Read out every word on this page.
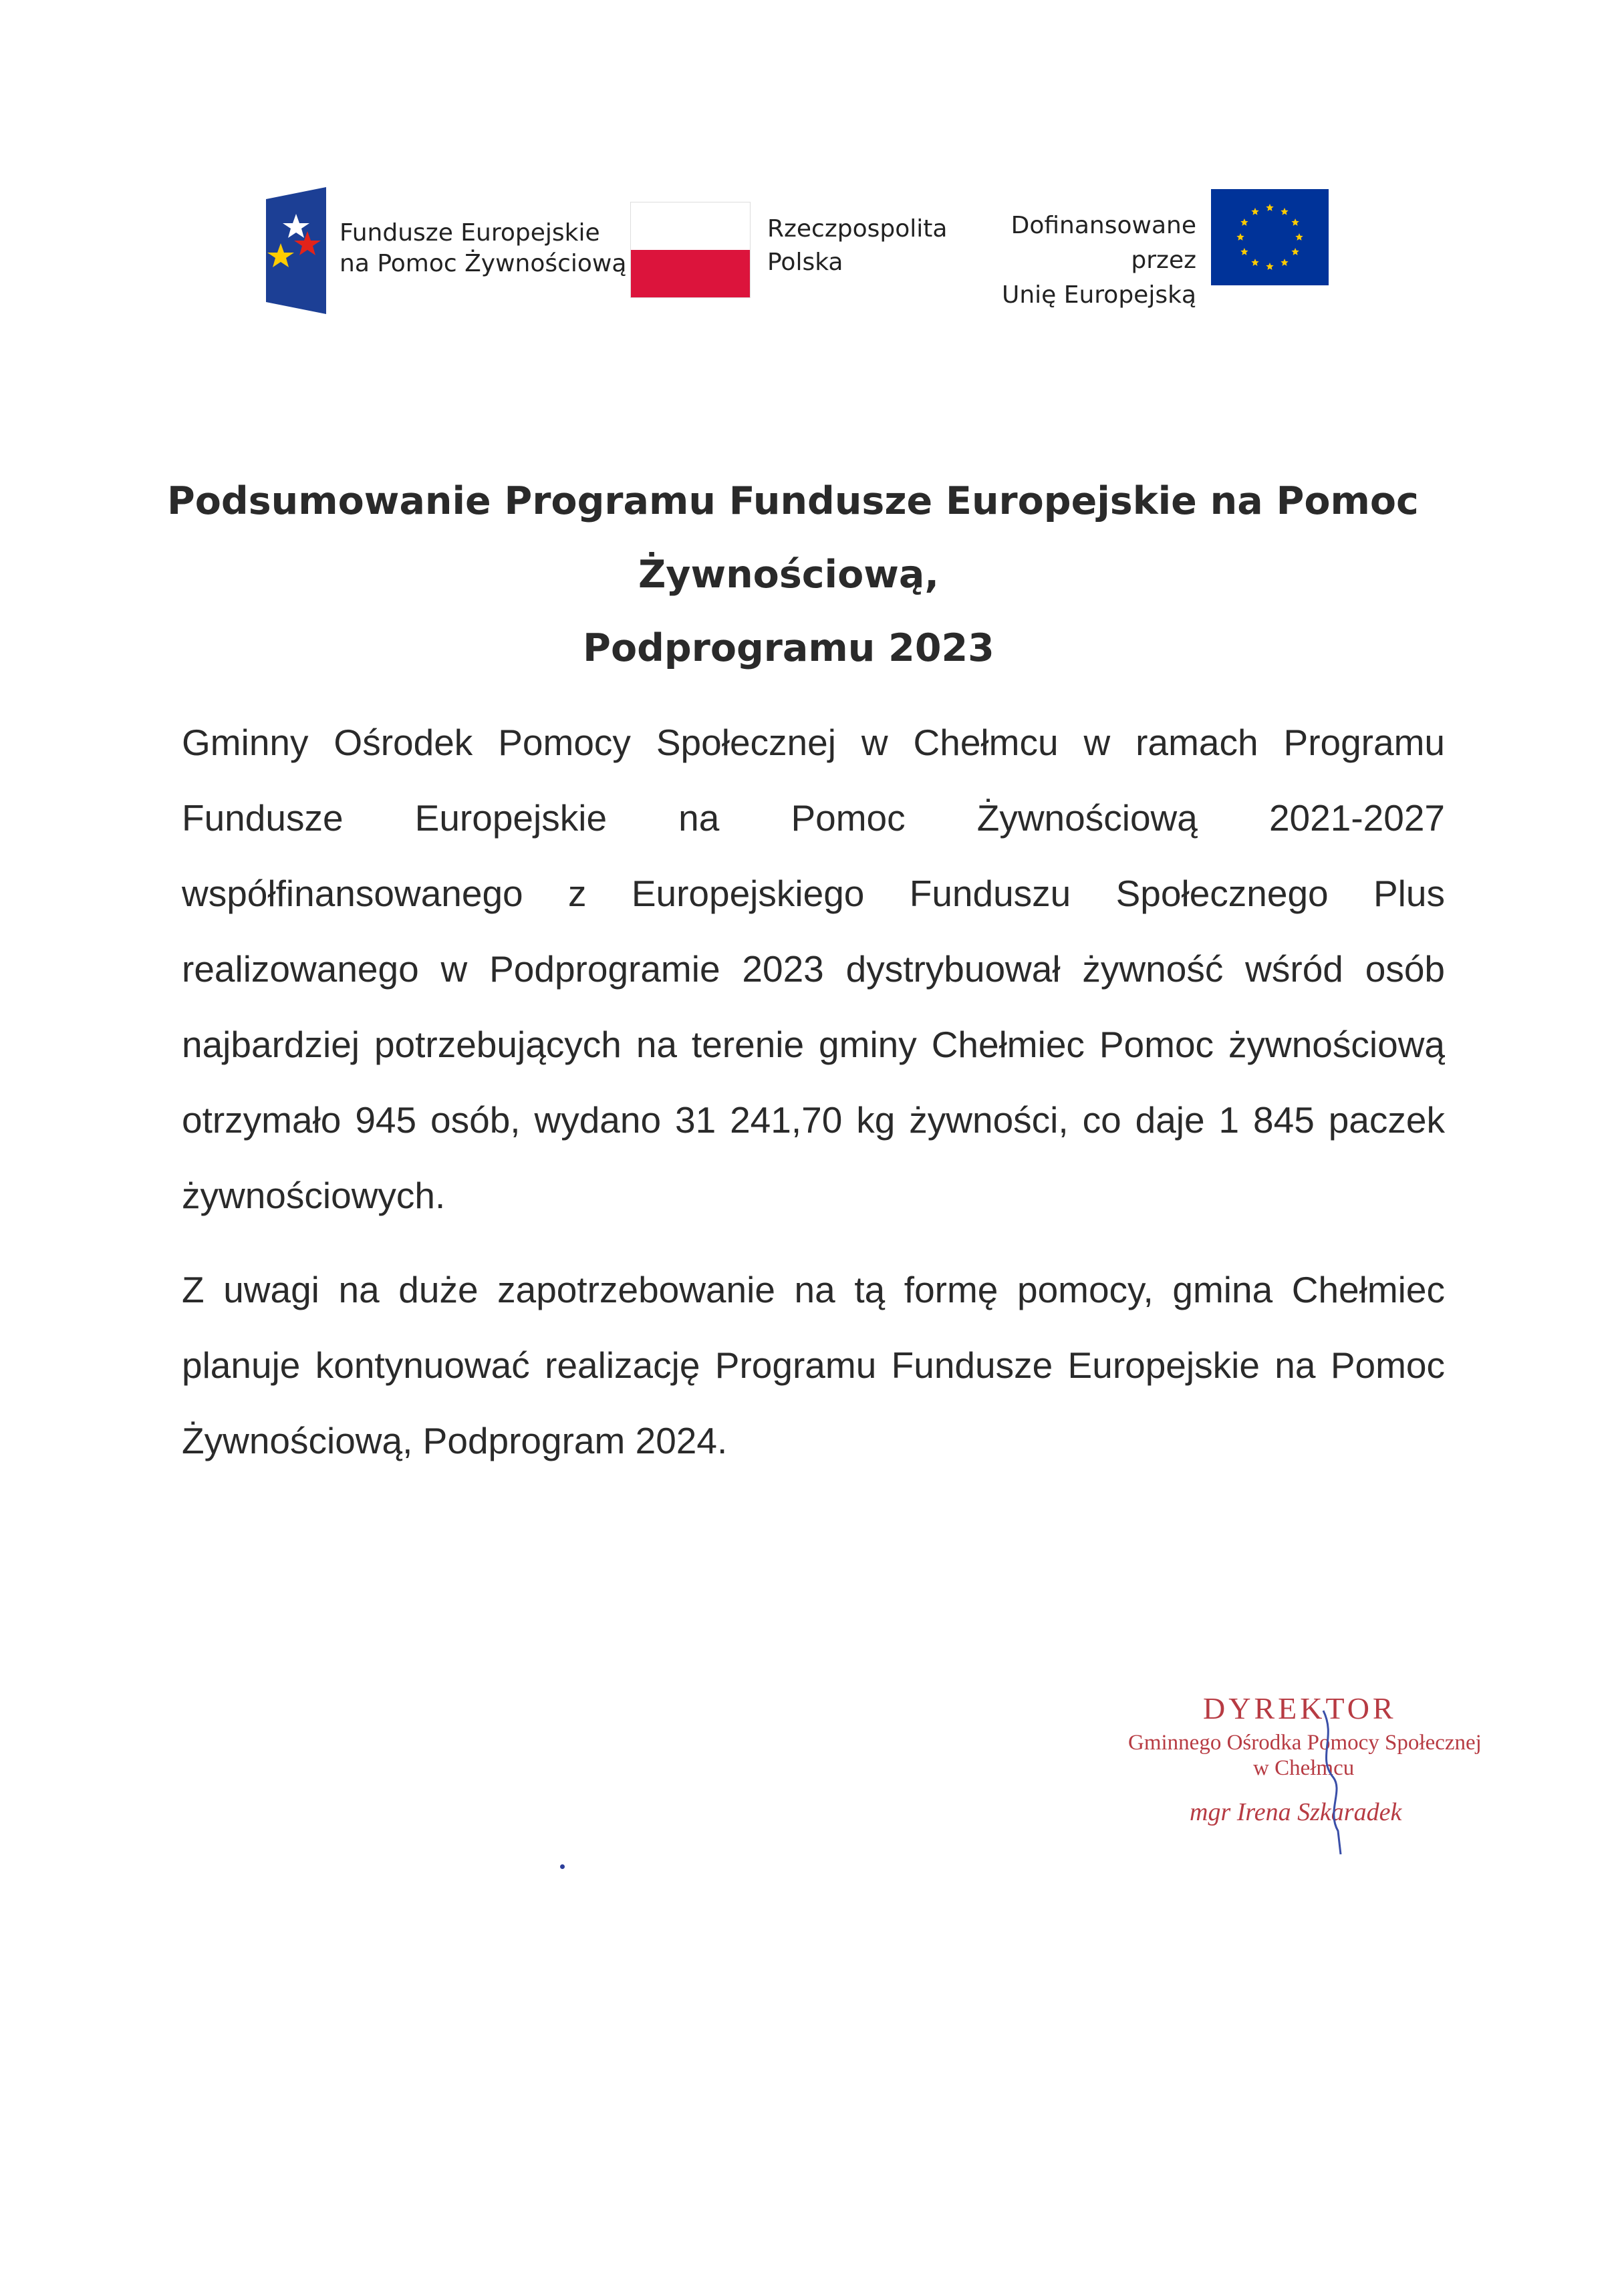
Fundusze Europejskie
na Pomoc Żywnościową
Rzeczpospolita
Polska
Dofinansowane przez
Unię Europejską
Podsumowanie Programu Fundusze Europejskie na Pomoc
Żywnościową,
Podprogramu 2023

Gminny Ośrodek Pomocy Społecznej w Chełmcu w ramach Programu Fundusze Europejskie na Pomoc Żywnościową 2021-2027 współfinansowanego z Europejskiego Funduszu Społecznego Plus realizowanego w Podprogramie 2023 dystrybuował żywność wśród osób najbardziej potrzebujących na terenie gminy Chełmiec Pomoc żywnościową otrzymało 945 osób, wydano 31 241,70 kg żywności, co daje 1 845 paczek żywnościowych.

Z uwagi na duże zapotrzebowanie na tą formę pomocy, gmina Chełmiec planuje kontynuować realizację Programu Fundusze Europejskie na Pomoc Żywnościową, Podprogram 2024.

DYREKTOR
Gminnego Ośrodka Pomocy Społecznej
w Chełmcu
mgr Irena Szkaradek
